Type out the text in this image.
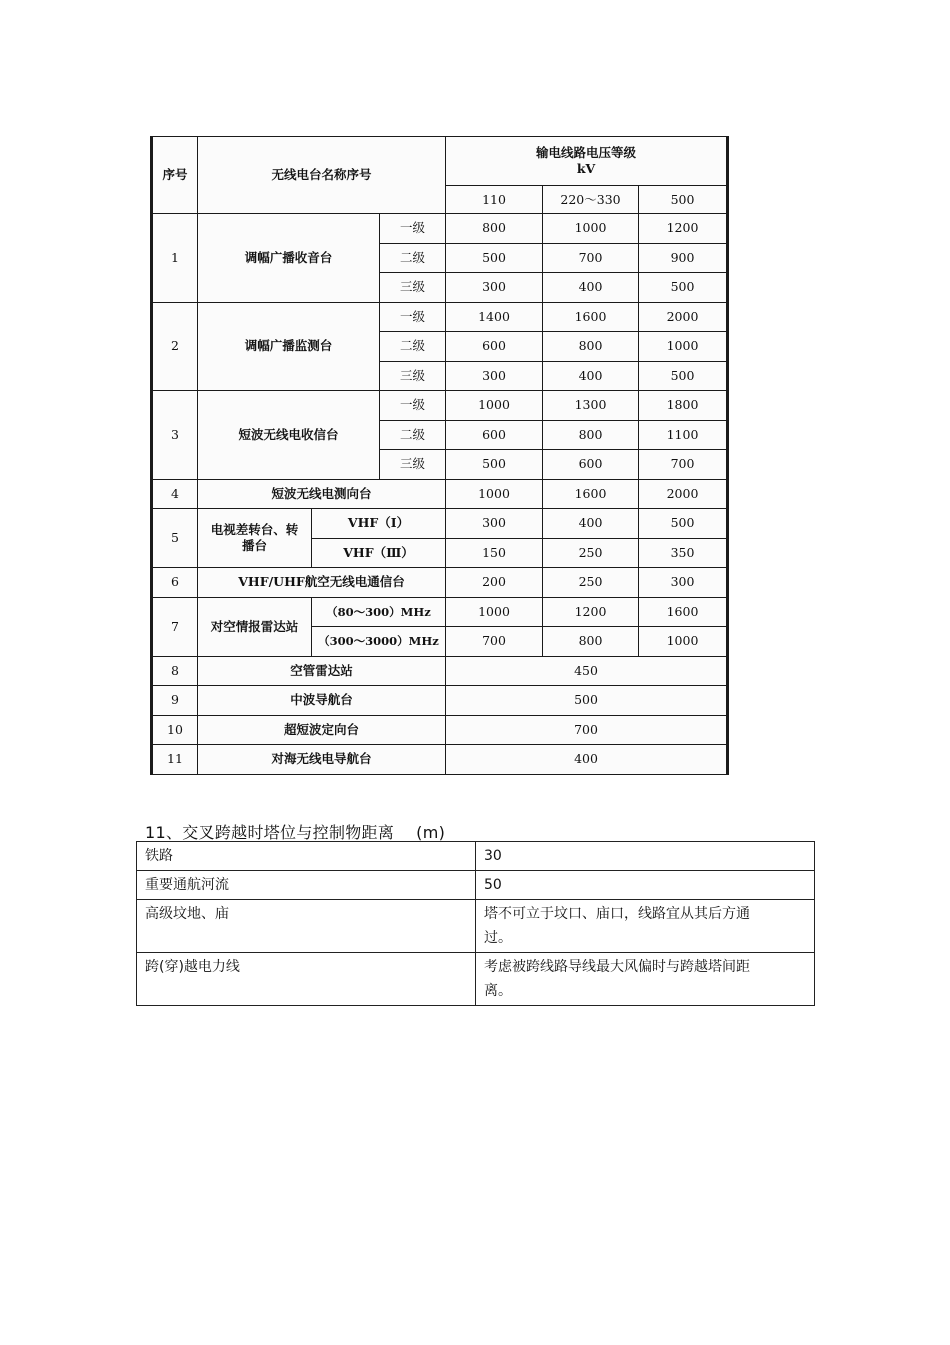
序号	无线电台名称序号			输电线路电压等级
kV		

				110	220～330	500
1	调幅广播收音台		一级	800	1000	1200
			二级	500	700	900
			三级	300	400	500
2	调幅广播监测台		一级	1400	1600	2000
			二级	600	800	1000
			三级	300	400	500
3	短波无线电收信台		一级	1000	1300	1800
			二级	600	800	1100
			三级	500	600	700
4	短波无线电测向台			1000	1600	2000
5	电视差转台、转
播台	VHF（Ⅰ）		300	400	500
		VHF（Ⅲ）		150	250	350
6	VHF/UHF航空无线电通信台			200	250	300
7	对空情报雷达站	（80～300）MHz		1000	1200	1600
		（300～3000）MHz		700	800	1000
8	空管雷达站			450		
9	中波导航台			500		
10	超短波定向台			700		
11	对海无线电导航台			400		
11、交叉跨越时塔位与控制物距离 (m)
铁路	30
重要通航河流	50
高级坟地、庙	塔不可立于坟口、庙口，线路宜从其后方通
过。

跨(穿)越电力线	考虑被跨线路导线最大风偏时与跨越塔间距
离。
